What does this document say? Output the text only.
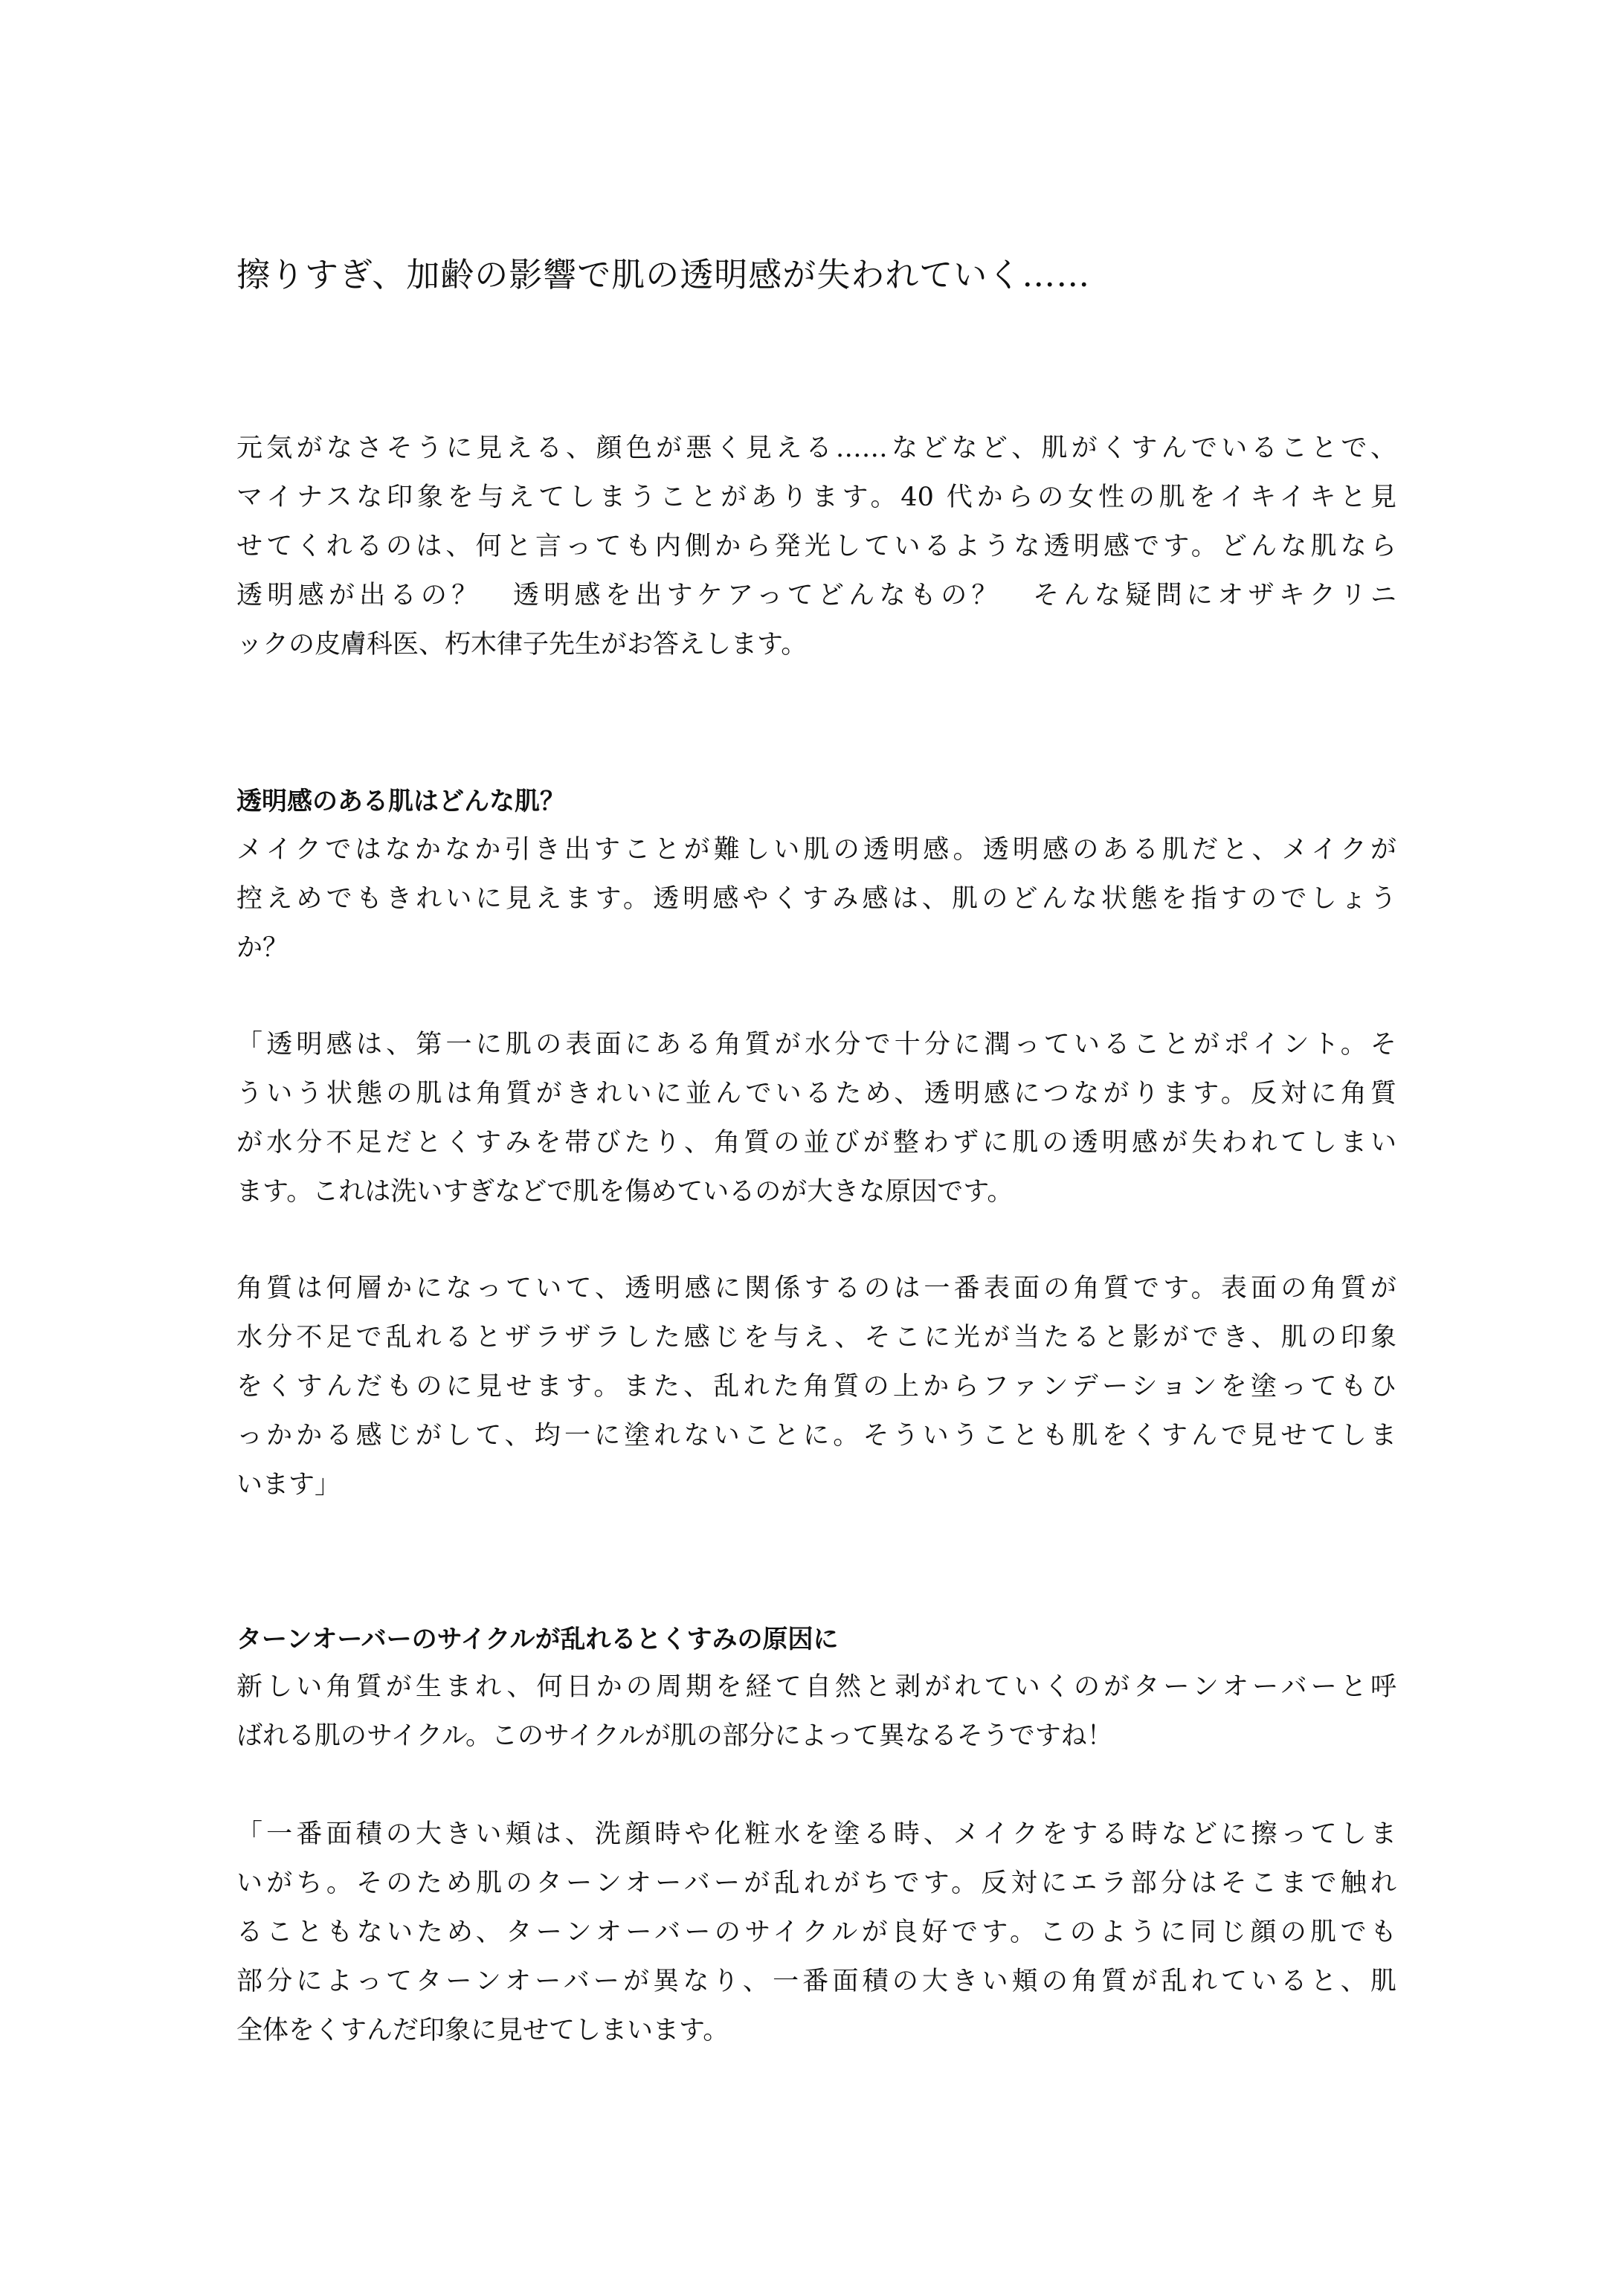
擦りすぎ、加齢の影響で肌の透明感が失われていく……

元気がなさそうに見える、顔色が悪く見える……などなど、肌がくすんでいることで、
マイナスな印象を与えてしまうことがあります。40 代からの女性の肌をイキイキと見
せてくれるのは、何と言っても内側から発光しているような透明感です。どんな肌なら
透明感が出るの？　透明感を出すケアってどんなもの？　そんな疑問にオザキクリニ
ックの皮膚科医、朽木律子先生がお答えします。

透明感のある肌はどんな肌？

メイクではなかなか引き出すことが難しい肌の透明感。透明感のある肌だと、メイクが
控えめでもきれいに見えます。透明感やくすみ感は、肌のどんな状態を指すのでしょう
か？

「透明感は、第一に肌の表面にある角質が水分で十分に潤っていることがポイント。そ
ういう状態の肌は角質がきれいに並んでいるため、透明感につながります。反対に角質
が水分不足だとくすみを帯びたり、角質の並びが整わずに肌の透明感が失われてしまい
ます。これは洗いすぎなどで肌を傷めているのが大きな原因です。

角質は何層かになっていて、透明感に関係するのは一番表面の角質です。表面の角質が
水分不足で乱れるとザラザラした感じを与え、そこに光が当たると影ができ、肌の印象
をくすんだものに見せます。また、乱れた角質の上からファンデーションを塗ってもひ
っかかる感じがして、均一に塗れないことに。そういうことも肌をくすんで見せてしま
います」

ターンオーバーのサイクルが乱れるとくすみの原因に

新しい角質が生まれ、何日かの周期を経て自然と剥がれていくのがターンオーバーと呼
ばれる肌のサイクル。このサイクルが肌の部分によって異なるそうですね！

「一番面積の大きい頬は、洗顔時や化粧水を塗る時、メイクをする時などに擦ってしま
いがち。そのため肌のターンオーバーが乱れがちです。反対にエラ部分はそこまで触れ
ることもないため、ターンオーバーのサイクルが良好です。このように同じ顔の肌でも
部分によってターンオーバーが異なり、一番面積の大きい頬の角質が乱れていると、肌
全体をくすんだ印象に見せてしまいます。
